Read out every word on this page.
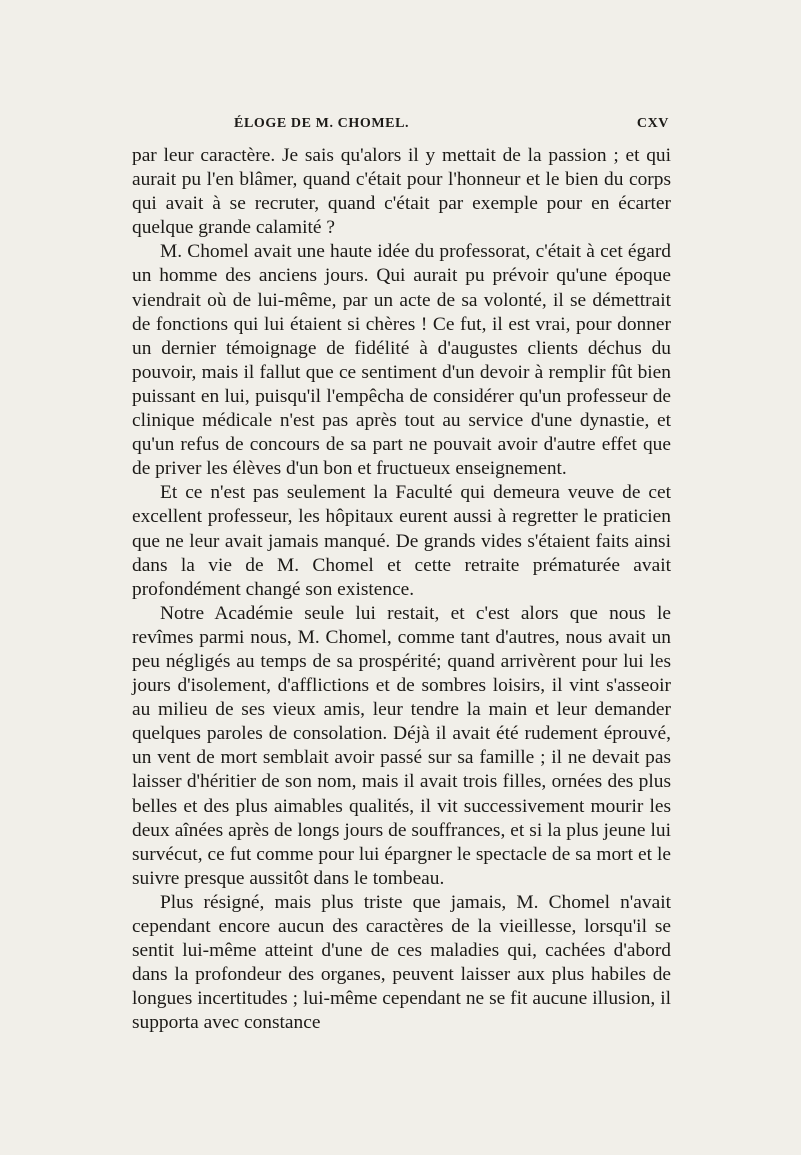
ÉLOGE DE M. CHOMEL.	CXV

par leur caractère. Je sais qu'alors il y mettait de la passion ; et qui aurait pu l'en blâmer, quand c'était pour l'honneur et le bien du corps qui avait à se recruter, quand c'était par exemple pour en écarter quelque grande calamité ?

M. Chomel avait une haute idée du professorat, c'était à cet égard un homme des anciens jours. Qui aurait pu prévoir qu'une époque viendrait où de lui-même, par un acte de sa volonté, il se démettrait de fonctions qui lui étaient si chères ! Ce fut, il est vrai, pour donner un dernier témoignage de fidélité à d'augustes clients déchus du pouvoir, mais il fallut que ce sentiment d'un devoir à remplir fût bien puissant en lui, puisqu'il l'empêcha de considérer qu'un professeur de clinique médicale n'est pas après tout au service d'une dynastie, et qu'un refus de concours de sa part ne pouvait avoir d'autre effet que de priver les élèves d'un bon et fructueux enseignement.

Et ce n'est pas seulement la Faculté qui demeura veuve de cet excellent professeur, les hôpitaux eurent aussi à regretter le praticien que ne leur avait jamais manqué. De grands vides s'étaient faits ainsi dans la vie de M. Chomel et cette retraite prématurée avait profondément changé son existence.

Notre Académie seule lui restait, et c'est alors que nous le revîmes parmi nous, M. Chomel, comme tant d'autres, nous avait un peu négligés au temps de sa prospérité; quand arrivèrent pour lui les jours d'isolement, d'afflictions et de sombres loisirs, il vint s'asseoir au milieu de ses vieux amis, leur tendre la main et leur demander quelques paroles de consolation. Déjà il avait été rudement éprouvé, un vent de mort semblait avoir passé sur sa famille ; il ne devait pas laisser d'héritier de son nom, mais il avait trois filles, ornées des plus belles et des plus aimables qualités, il vit successivement mourir les deux aînées après de longs jours de souffrances, et si la plus jeune lui survécut, ce fut comme pour lui épargner le spectacle de sa mort et le suivre presque aussitôt dans le tombeau.

Plus résigné, mais plus triste que jamais, M. Chomel n'avait cependant encore aucun des caractères de la vieillesse, lorsqu'il se sentit lui-même atteint d'une de ces maladies qui, cachées d'abord dans la profondeur des organes, peuvent laisser aux plus habiles de longues incertitudes ; lui-même cependant ne se fit aucune illusion, il supporta avec constance
